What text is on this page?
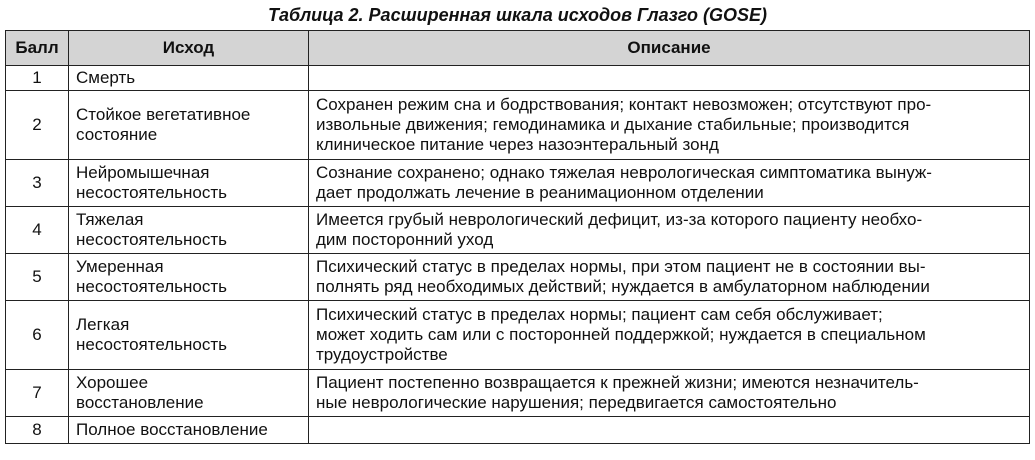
Таблица 2. Расширенная шкала исходов Глазго (GOSE)
Балл	Исход	Описание
1	Смерть	

2	Стойкое вегетативное
состояние	Сохранен режим сна и бодрствования; контакт невозможен; отсутствуют про-
извольные движения; гемодинамика и дыхание стабильные; производится
клиническое питание через назоэнтеральный зонд

3	Нейромышечная
несостоятельность	Сознание сохранено; однако тяжелая неврологическая симптоматика вынуж-
дает продолжать лечение в реанимационном отделении

4	Тяжелая
несостоятельность	Имеется грубый неврологический дефицит, из-за которого пациенту необхо-
дим посторонний уход

5	Умеренная
несостоятельность	Психический статус в пределах нормы, при этом пациент не в состоянии вы-
полнять ряд необходимых действий; нуждается в амбулаторном наблюдении

6	Легкая
несостоятельность	Психический статус в пределах нормы; пациент сам себя обслуживает;
может ходить сам или с посторонней поддержкой; нуждается в специальном
трудоустройстве

7	Хорошее
восстановление	Пациент постепенно возвращается к прежней жизни; имеются незначитель-
ные неврологические нарушения; передвигается самостоятельно

8	Полное восстановление	
